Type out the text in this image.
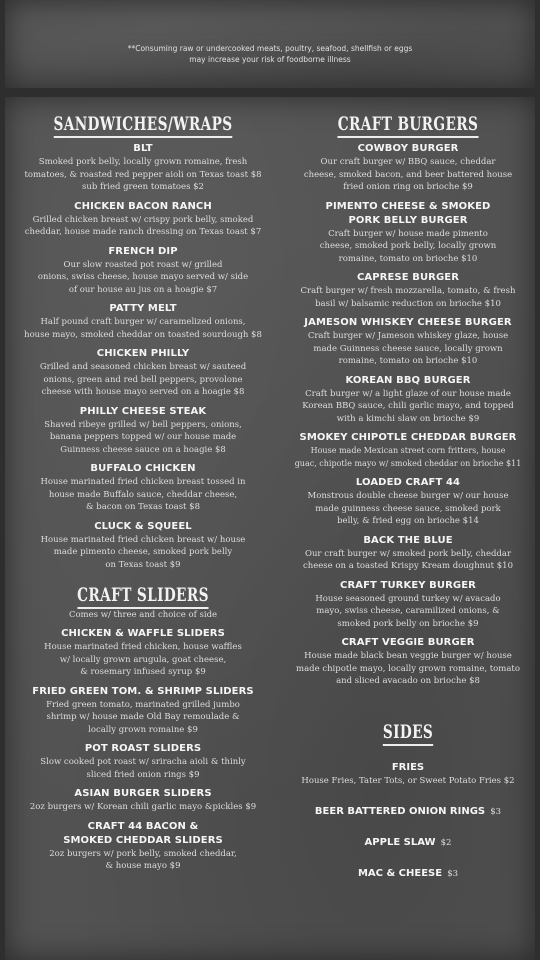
**Consuming raw or undercooked meats, poultry, seafood, shellfish or eggs
may increase your risk of foodborne illness
SANDWICHES/WRAPS
BLT
Smoked pork belly, locally grown romaine, fresh
tomatoes, & roasted red pepper aioli on Texas toast $8
sub fried green tomatoes $2
CHICKEN BACON RANCH
Grilled chicken breast w/ crispy pork belly, smoked
cheddar, house made ranch dressing on Texas toast $7
FRENCH DIP
Our slow roasted pot roast w/ grilled
onions, swiss cheese, house mayo served w/ side
of our house au jus on a hoagie $7
PATTY MELT
Half pound craft burger w/ caramelized onions,
house mayo, smoked cheddar on toasted sourdough $8
CHICKEN PHILLY
Grilled and seasoned chicken breast w/ sauteed
onions, green and red bell peppers, provolone
cheese with house mayo served on a hoagie $8
PHILLY CHEESE STEAK
Shaved ribeye grilled w/ bell peppers, onions,
banana peppers topped w/ our house made
Guinness cheese sauce on a hoagie $8
BUFFALO CHICKEN
House marinated fried chicken breast tossed in
house made Buffalo sauce, cheddar cheese,
& bacon on Texas toast $8
CLUCK & SQUEEL
House marinated fried chicken breast w/ house
made pimento cheese, smoked pork belly
on Texas toast $9
CRAFT SLIDERS
Comes w/ three and choice of side
CHICKEN & WAFFLE SLIDERS
House marinated fried chicken, house waffles
w/ locally grown arugula, goat cheese,
& rosemary infused syrup $9
FRIED GREEN TOM. & SHRIMP SLIDERS
Fried green tomato, marinated grilled jumbo
shrimp w/ house made Old Bay remoulade &
locally grown romaine $9
POT ROAST SLIDERS
Slow cooked pot roast w/ sriracha aioli & thinly
sliced fried onion rings $9
ASIAN BURGER SLIDERS
2oz burgers w/ Korean chili garlic mayo &pickles $9
CRAFT 44 BACON &
SMOKED CHEDDAR SLIDERS
2oz burgers w/ pork belly, smoked cheddar,
& house mayo $9
CRAFT BURGERS
COWBOY BURGER
Our craft burger w/ BBQ sauce, cheddar
cheese, smoked bacon, and beer battered house
fried onion ring on brioche $9
PIMENTO CHEESE & SMOKED
PORK BELLY BURGER
Craft burger w/ house made pimento
cheese, smoked pork belly, locally grown
romaine, tomato on brioche $10
CAPRESE BURGER
Craft burger w/ fresh mozzarella, tomato, & fresh
basil w/ balsamic reduction on brioche $10
JAMESON WHISKEY CHEESE BURGER
Craft burger w/ Jameson whiskey glaze, house
made Guinness cheese sauce, locally grown
romaine, tomato on brioche $10
KOREAN BBQ BURGER
Craft burger w/ a light glaze of our house made
Korean BBQ sauce, chili garlic mayo, and topped
with a kimchi slaw on brioche $9
SMOKEY CHIPOTLE CHEDDAR BURGER
House made Mexican street corn fritters, house
guac, chipotle mayo w/ smoked cheddar on brioche $11
LOADED CRAFT 44
Monstrous double cheese burger w/ our house
made guinness cheese sauce, smoked pork
belly, & fried egg on brioche $14
BACK THE BLUE
Our craft burger w/ smoked pork belly, cheddar
cheese on a toasted Krispy Kream doughnut $10
CRAFT TURKEY BURGER
House seasoned ground turkey w/ avacado
mayo, swiss cheese, caramilized onions, &
smoked pork belly on brioche $9
CRAFT VEGGIE BURGER
House made black bean veggie burger w/ house
made chipotle mayo, locally grown romaine, tomato
and sliced avacado on brioche $8
SIDES
FRIES
House Fries, Tater Tots, or Sweet Potato Fries $2
BEER BATTERED ONION RINGS $3
APPLE SLAW $2
MAC & CHEESE $3
